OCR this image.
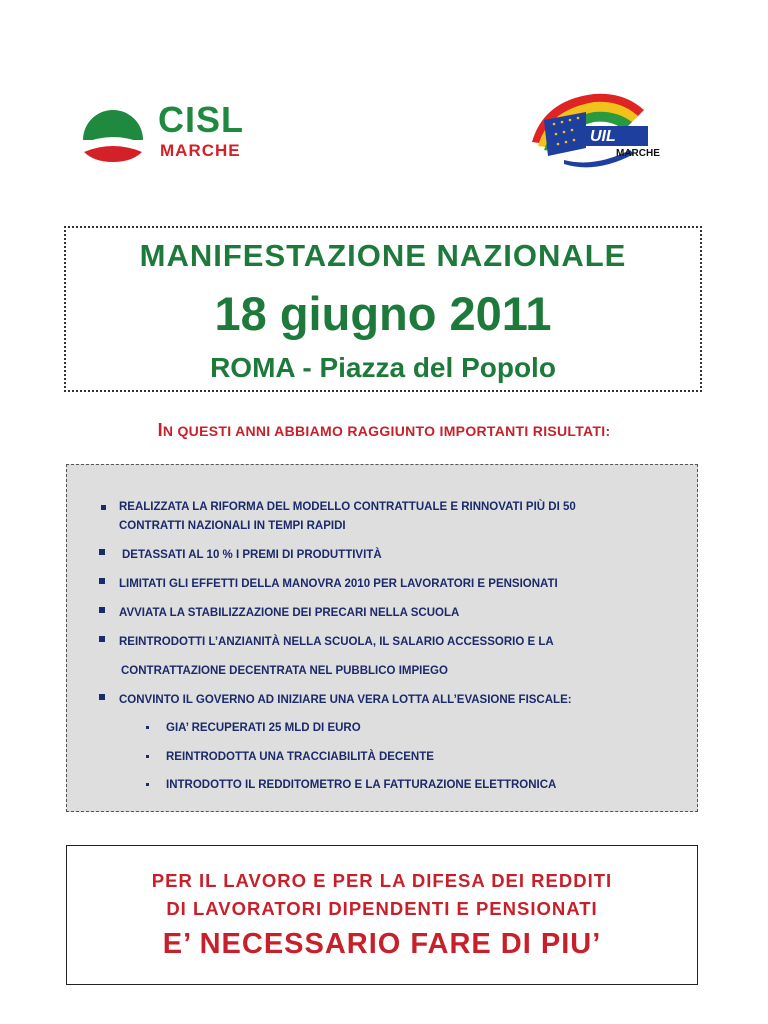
CISL
MARCHE
UIL
MARCHE
MANIFESTAZIONE NAZIONALE
18 giugno 2011
ROMA - Piazza del Popolo
IN QUESTI ANNI ABBIAMO RAGGIUNTO IMPORTANTI RISULTATI:
REALIZZATA LA RIFORMA DEL MODELLO CONTRATTUALE E RINNOVATI PIÙ DI 50
CONTRATTI NAZIONALI IN TEMPI RAPIDI
DETASSATI AL 10 % I PREMI DI PRODUTTIVITÀ
LIMITATI GLI EFFETTI DELLA MANOVRA 2010 PER LAVORATORI E PENSIONATI
AVVIATA LA STABILIZZAZIONE DEI PRECARI NELLA SCUOLA
REINTRODOTTI L’ANZIANITÀ NELLA SCUOLA, IL SALARIO ACCESSORIO E LA
CONTRATTAZIONE DECENTRATA NEL PUBBLICO IMPIEGO
CONVINTO IL GOVERNO AD INIZIARE UNA VERA LOTTA ALL’EVASIONE FISCALE:
GIA’ RECUPERATI 25 MLD DI EURO
REINTRODOTTA UNA TRACCIABILITÀ DECENTE
INTRODOTTO IL REDDITOMETRO E LA FATTURAZIONE ELETTRONICA
PER IL LAVORO E PER LA DIFESA DEI REDDITI
DI LAVORATORI DIPENDENTI E PENSIONATI
E’ NECESSARIO FARE DI PIU’
